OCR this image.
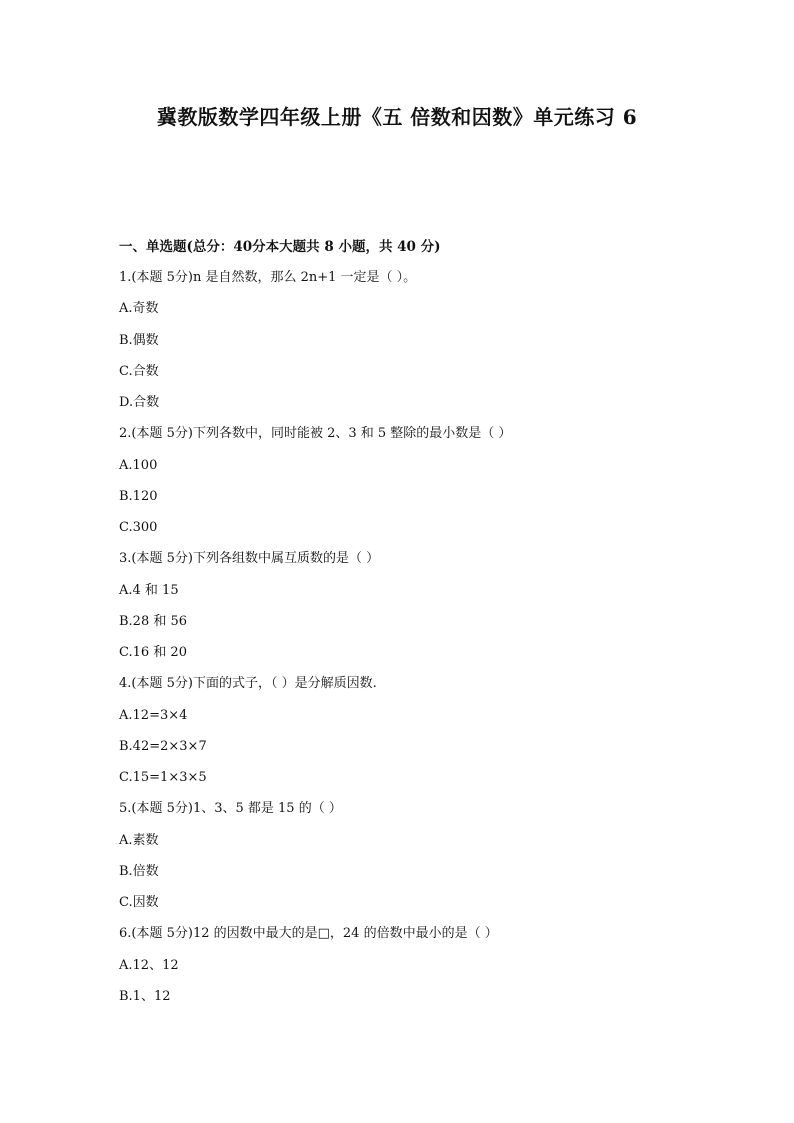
冀教版数学四年级上册《五 倍数和因数》单元练习 6

一、单选题(总分：40分本大题共 8 小题，共 40 分)

1.(本题 5分)n 是自然数，那么 2n+1 一定是（ ）。
A.奇数
B.偶数
C.合数
D.合数
2.(本题 5分)下列各数中，同时能被 2、3 和 5 整除的最小数是（ ）
A.100
B.120
C.300
3.(本题 5分)下列各组数中属互质数的是（ ）
A.4 和 15
B.28 和 56
C.16 和 20
4.(本题 5分)下面的式子，（ ）是分解质因数.
A.12=3×4
B.42=2×3×7
C.15=1×3×5
5.(本题 5分)1、3、5 都是 15 的（ ）
A.素数
B.倍数
C.因数
6.(本题 5分)12 的因数中最大的是□，24 的倍数中最小的是（ ）
A.12、12
B.1、12
